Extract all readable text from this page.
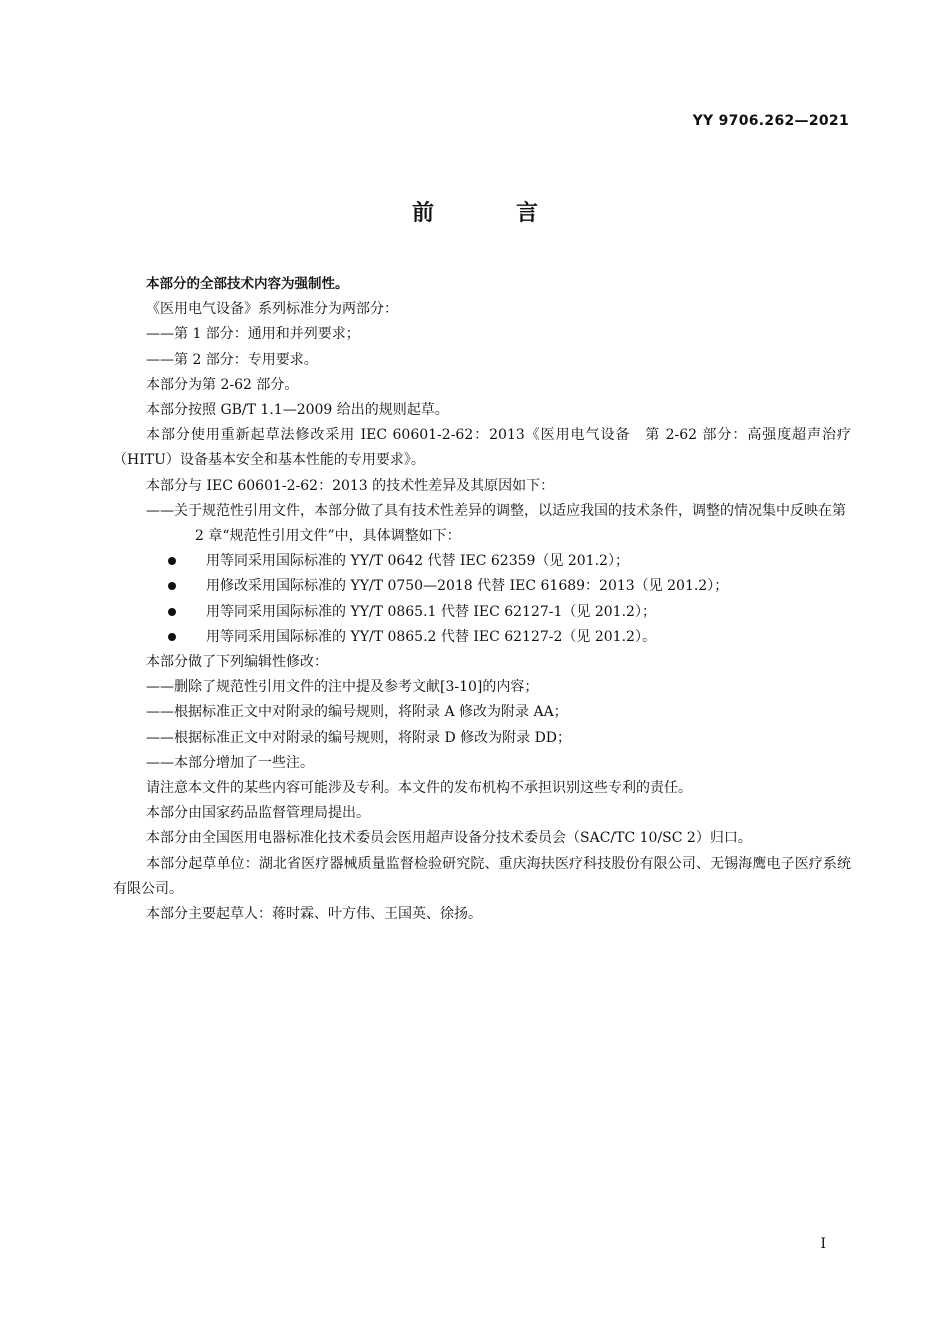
YY 9706.262—2021
前　言

本部分的全部技术内容为强制性。

《医用电气设备》系列标准分为两部分：

——第 1 部分：通用和并列要求；

——第 2 部分：专用要求。

本部分为第 2-62 部分。

本部分按照 GB/T 1.1—2009 给出的规则起草。

本部分使用重新起草法修改采用 IEC 60601-2-62：2013《医用电气设备　第 2-62 部分：高强度超声治疗（HITU）设备基本安全和基本性能的专用要求》。

本部分与 IEC 60601-2-62：2013 的技术性差异及其原因如下：

——关于规范性引用文件，本部分做了具有技术性差异的调整，以适应我国的技术条件，调整的情况集中反映在第 2 章“规范性引用文件”中，具体调整如下：

用等同采用国际标准的 YY/T 0642 代替 IEC 62359（见 201.2）；
用修改采用国际标准的 YY/T 0750—2018 代替 IEC 61689：2013（见 201.2）；
用等同采用国际标准的 YY/T 0865.1 代替 IEC 62127-1（见 201.2）；
用等同采用国际标准的 YY/T 0865.2 代替 IEC 62127-2（见 201.2）。

本部分做了下列编辑性修改：

——删除了规范性引用文件的注中提及参考文献[3-10]的内容；

——根据标准正文中对附录的编号规则，将附录 A 修改为附录 AA；

——根据标准正文中对附录的编号规则，将附录 D 修改为附录 DD；

——本部分增加了一些注。

请注意本文件的某些内容可能涉及专利。本文件的发布机构不承担识别这些专利的责任。

本部分由国家药品监督管理局提出。

本部分由全国医用电器标准化技术委员会医用超声设备分技术委员会（SAC/TC 10/SC 2）归口。

本部分起草单位：湖北省医疗器械质量监督检验研究院、重庆海扶医疗科技股份有限公司、无锡海鹰电子医疗系统有限公司。

本部分主要起草人：蒋时霖、叶方伟、王国英、徐扬。

I
